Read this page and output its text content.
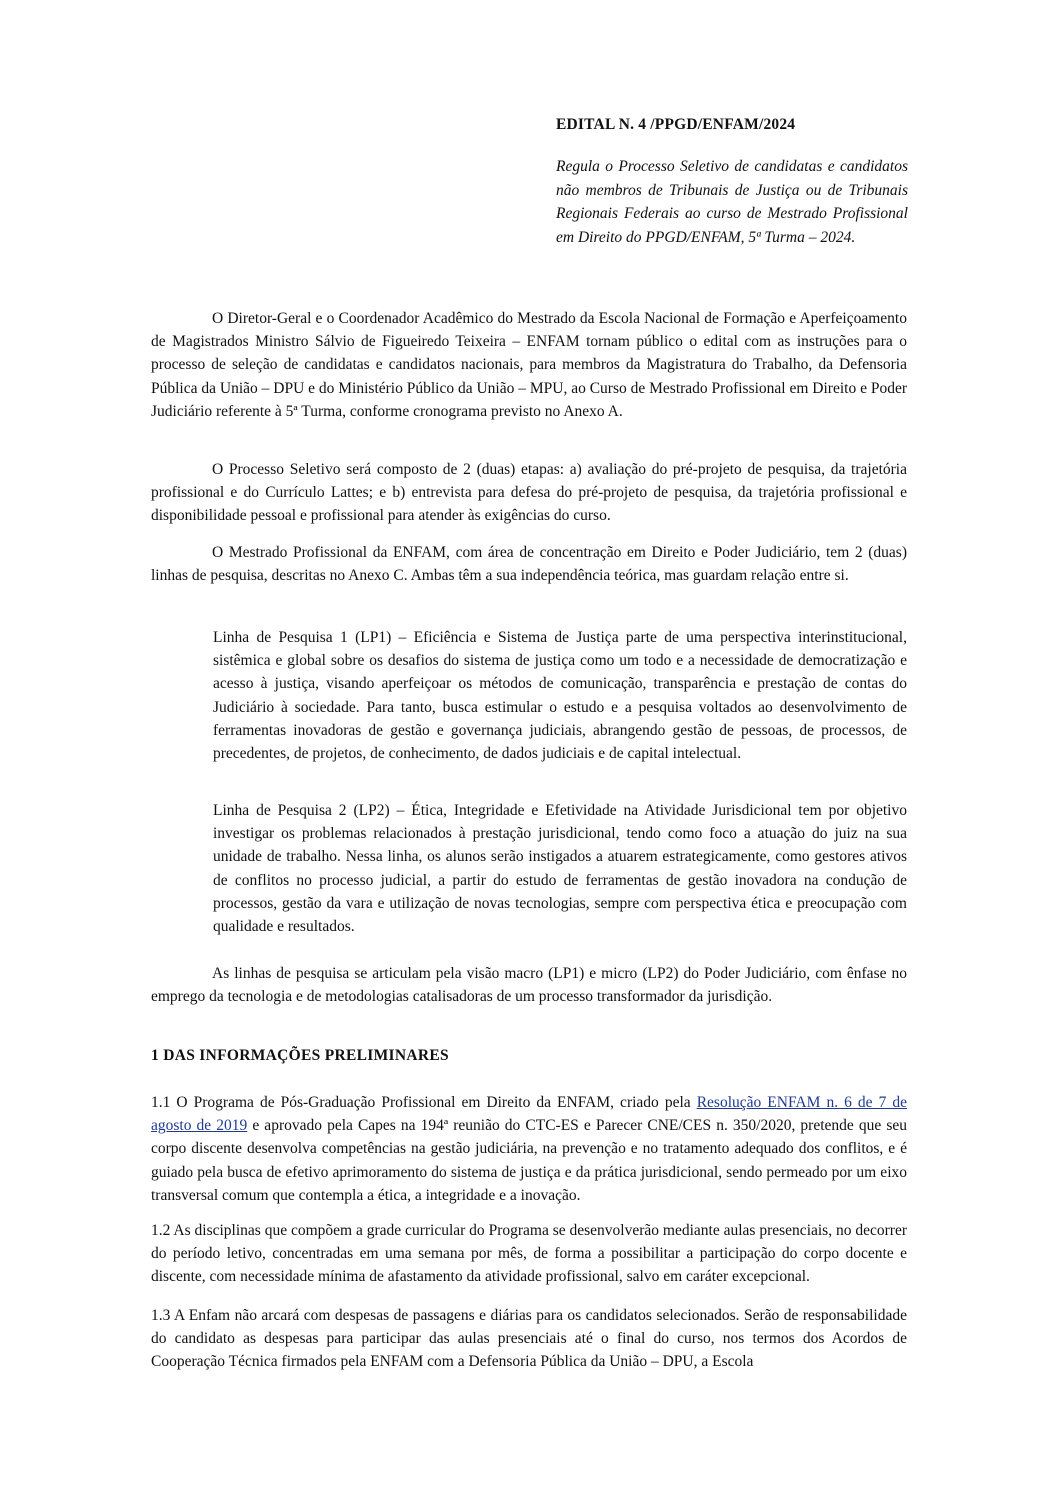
EDITAL N. 4 /PPGD/ENFAM/2024
Regula o Processo Seletivo de candidatas e candidatos não membros de Tribunais de Justiça ou de Tribunais Regionais Federais ao curso de Mestrado Profissional em Direito do PPGD/ENFAM, 5ª Turma – 2024.

O Diretor-Geral e o Coordenador Acadêmico do Mestrado da Escola Nacional de Formação e Aperfeiçoamento de Magistrados Ministro Sálvio de Figueiredo Teixeira – ENFAM tornam público o edital com as instruções para o processo de seleção de candidatas e candidatos nacionais, para membros da Magistratura do Trabalho, da Defensoria Pública da União – DPU e do Ministério Público da União – MPU, ao Curso de Mestrado Profissional em Direito e Poder Judiciário referente à 5ª Turma, conforme cronograma previsto no Anexo A.

O Processo Seletivo será composto de 2 (duas) etapas: a) avaliação do pré-projeto de pesquisa, da trajetória profissional e do Currículo Lattes; e b) entrevista para defesa do pré-projeto de pesquisa, da trajetória profissional e disponibilidade pessoal e profissional para atender às exigências do curso.

O Mestrado Profissional da ENFAM, com área de concentração em Direito e Poder Judiciário, tem 2 (duas) linhas de pesquisa, descritas no Anexo C. Ambas têm a sua independência teórica, mas guardam relação entre si.

Linha de Pesquisa 1 (LP1) – Eficiência e Sistema de Justiça parte de uma perspectiva interinstitucional, sistêmica e global sobre os desafios do sistema de justiça como um todo e a necessidade de democratização e acesso à justiça, visando aperfeiçoar os métodos de comunicação, transparência e prestação de contas do Judiciário à sociedade. Para tanto, busca estimular o estudo e a pesquisa voltados ao desenvolvimento de ferramentas inovadoras de gestão e governança judiciais, abrangendo gestão de pessoas, de processos, de precedentes, de projetos, de conhecimento, de dados judiciais e de capital intelectual.

Linha de Pesquisa 2 (LP2) – Ética, Integridade e Efetividade na Atividade Jurisdicional tem por objetivo investigar os problemas relacionados à prestação jurisdicional, tendo como foco a atuação do juiz na sua unidade de trabalho. Nessa linha, os alunos serão instigados a atuarem estrategicamente, como gestores ativos de conflitos no processo judicial, a partir do estudo de ferramentas de gestão inovadora na condução de processos, gestão da vara e utilização de novas tecnologias, sempre com perspectiva ética e preocupação com qualidade e resultados.

As linhas de pesquisa se articulam pela visão macro (LP1) e micro (LP2) do Poder Judiciário, com ênfase no emprego da tecnologia e de metodologias catalisadoras de um processo transformador da jurisdição.

1 DAS INFORMAÇÕES PRELIMINARES

1.1 O Programa de Pós-Graduação Profissional em Direito da ENFAM, criado pela Resolução ENFAM n. 6 de 7 de agosto de 2019 e aprovado pela Capes na 194ª reunião do CTC-ES e Parecer CNE/CES n. 350/2020, pretende que seu corpo discente desenvolva competências na gestão judiciária, na prevenção e no tratamento adequado dos conflitos, e é guiado pela busca de efetivo aprimoramento do sistema de justiça e da prática jurisdicional, sendo permeado por um eixo transversal comum que contempla a ética, a integridade e a inovação.

1.2 As disciplinas que compõem a grade curricular do Programa se desenvolverão mediante aulas presenciais, no decorrer do período letivo, concentradas em uma semana por mês, de forma a possibilitar a participação do corpo docente e discente, com necessidade mínima de afastamento da atividade profissional, salvo em caráter excepcional.

1.3 A Enfam não arcará com despesas de passagens e diárias para os candidatos selecionados. Serão de responsabilidade do candidato as despesas para participar das aulas presenciais até o final do curso, nos termos dos Acordos de Cooperação Técnica firmados pela ENFAM com a Defensoria Pública da União – DPU, a Escola
